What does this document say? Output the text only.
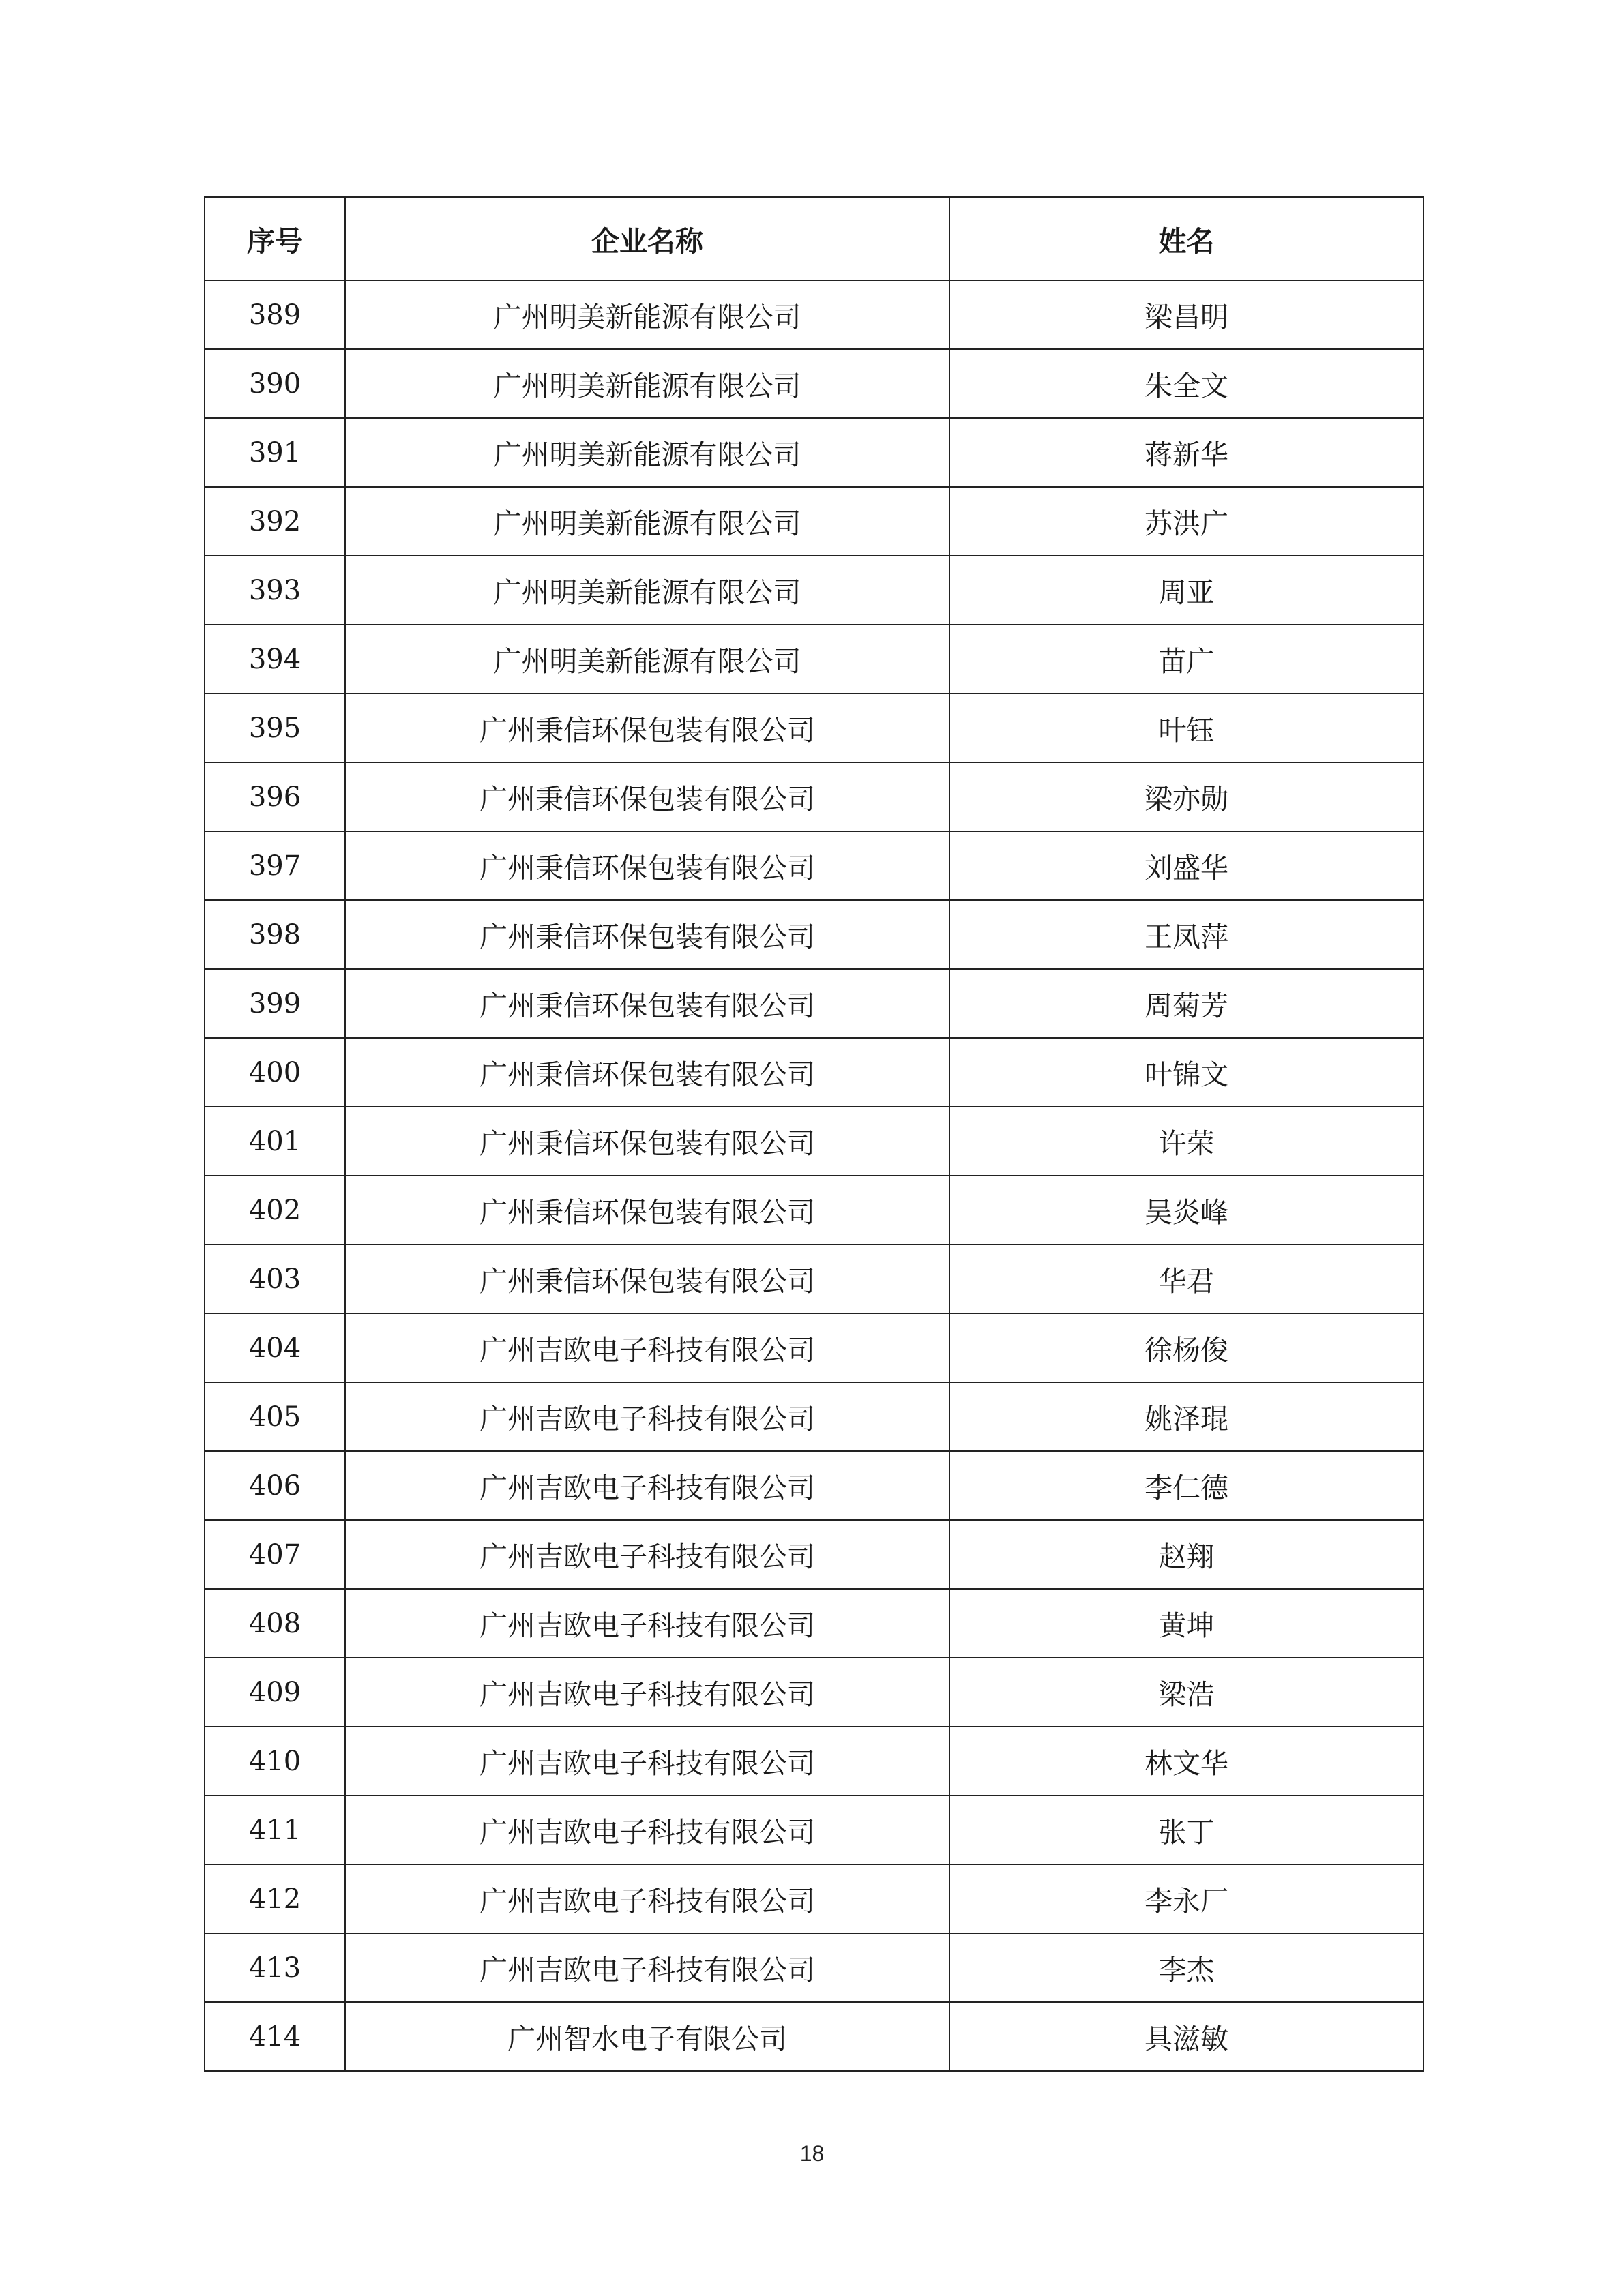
序号	企业名称	姓名
389	广州明美新能源有限公司	梁昌明
390	广州明美新能源有限公司	朱全文
391	广州明美新能源有限公司	蒋新华
392	广州明美新能源有限公司	苏洪广
393	广州明美新能源有限公司	周亚
394	广州明美新能源有限公司	苗广
395	广州秉信环保包装有限公司	叶钰
396	广州秉信环保包装有限公司	梁亦勋
397	广州秉信环保包装有限公司	刘盛华
398	广州秉信环保包装有限公司	王凤萍
399	广州秉信环保包装有限公司	周菊芳
400	广州秉信环保包装有限公司	叶锦文
401	广州秉信环保包装有限公司	许荣
402	广州秉信环保包装有限公司	吴炎峰
403	广州秉信环保包装有限公司	华君
404	广州吉欧电子科技有限公司	徐杨俊
405	广州吉欧电子科技有限公司	姚泽琨
406	广州吉欧电子科技有限公司	李仁德
407	广州吉欧电子科技有限公司	赵翔
408	广州吉欧电子科技有限公司	黄坤
409	广州吉欧电子科技有限公司	梁浩
410	广州吉欧电子科技有限公司	林文华
411	广州吉欧电子科技有限公司	张丁
412	广州吉欧电子科技有限公司	李永厂
413	广州吉欧电子科技有限公司	李杰
414	广州智水电子有限公司	具滋敏
18
